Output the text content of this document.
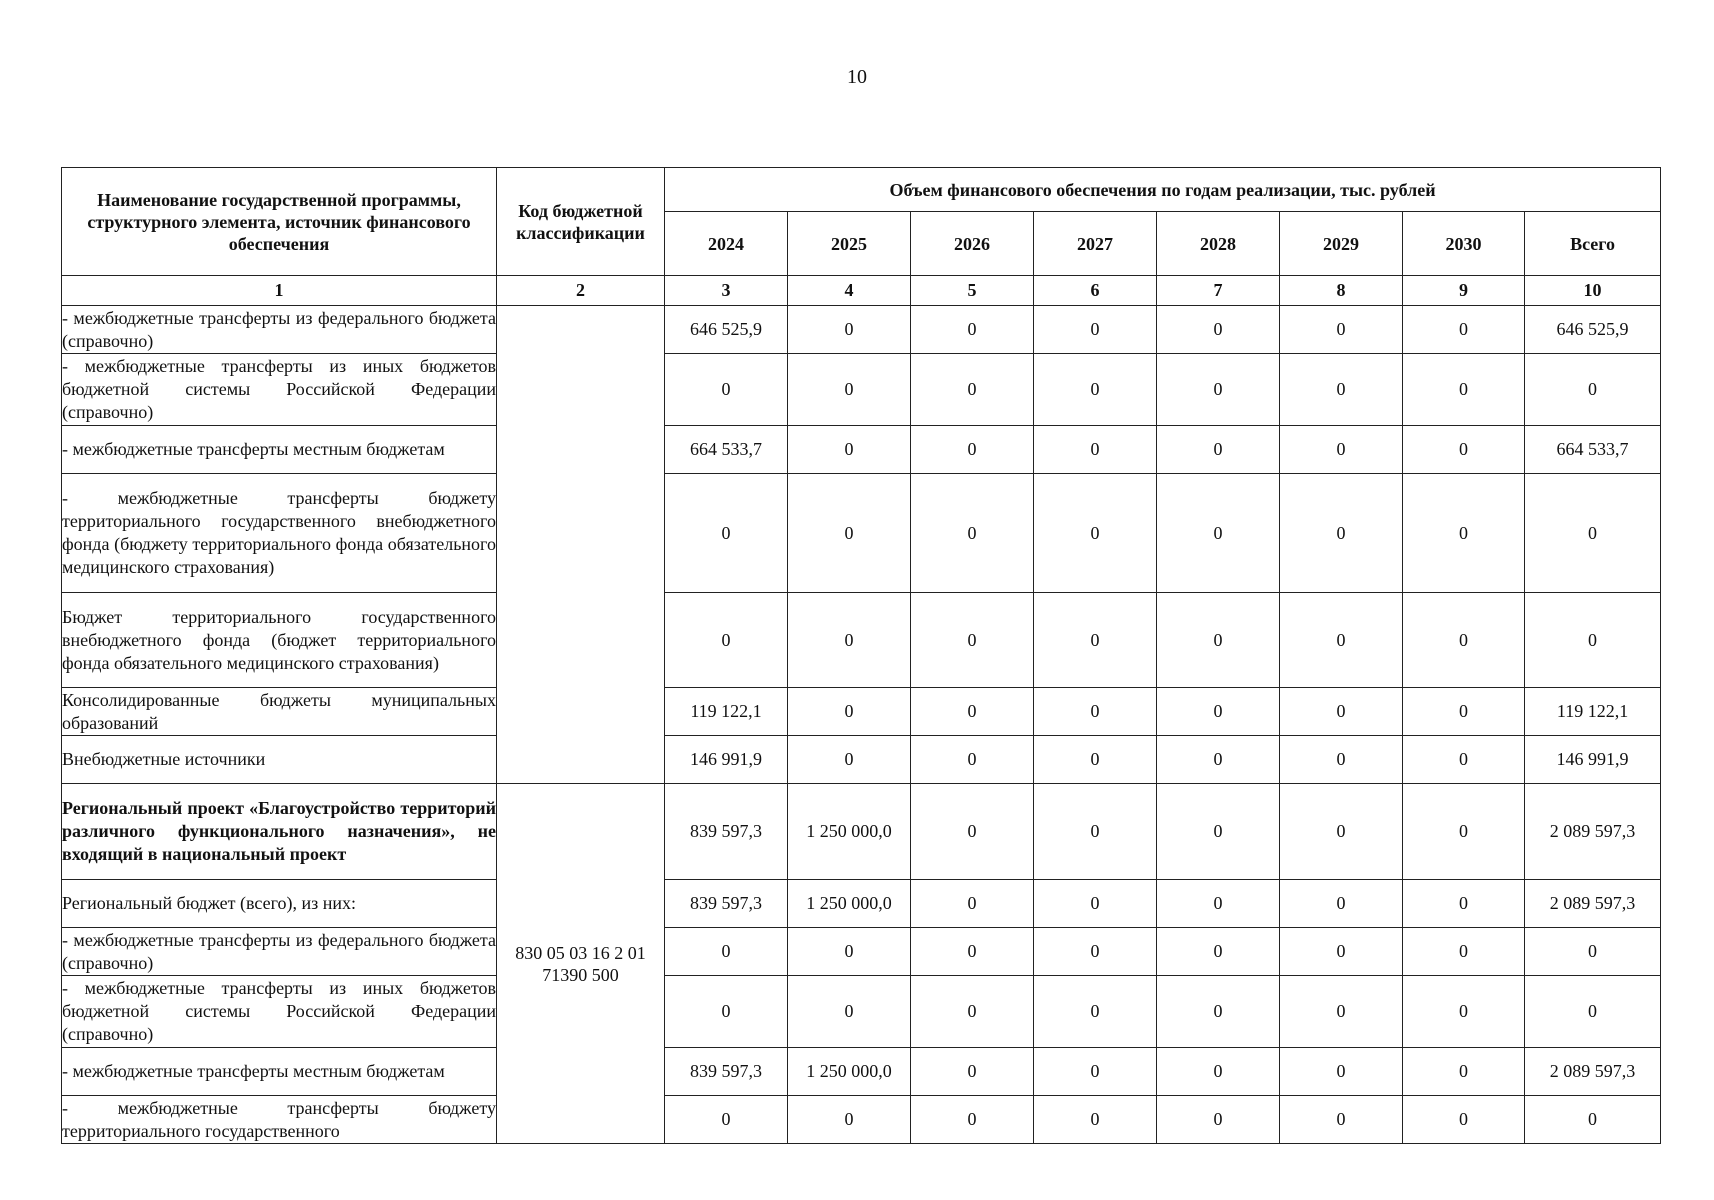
10
Наименование государственной программы, структурного элемента, источник финансового обеспечения	Код бюджетной классификации	Объем финансового обеспечения по годам реализации, тыс. рублей							
		2024	2025	2026	2027	2028	2029	2030	Всего
1	2	3	4	5	6	7	8	9	10
- межбюджетные трансферты из федерального бюджета (справочно)		646 525,9	0	0	0	0	0	0	646 525,9
- межбюджетные трансферты из иных бюджетов бюджетной системы Российской Федерации (справочно)		0	0	0	0	0	0	0	0
- межбюджетные трансферты местным бюджетам		664 533,7	0	0	0	0	0	0	664 533,7
- межбюджетные трансферты бюджету территориального государственного внебюджетного фонда (бюджету территориального фонда обязательного медицинского страхования)		0	0	0	0	0	0	0	0
Бюджет территориального государственного внебюджетного фонда (бюджет территориального фонда обязательного медицинского страхования)		0	0	0	0	0	0	0	0
Консолидированные бюджеты муниципальных образований		119 122,1	0	0	0	0	0	0	119 122,1
Внебюджетные источники		146 991,9	0	0	0	0	0	0	146 991,9
Региональный проект «Благоустройство территорий различного функционального назначения», не входящий в национальный проект	830 05 03 16 2 01 71390 500	839 597,3	1 250 000,0	0	0	0	0	0	2 089 597,3
Региональный бюджет (всего), из них:		839 597,3	1 250 000,0	0	0	0	0	0	2 089 597,3
- межбюджетные трансферты из федерального бюджета (справочно)		0	0	0	0	0	0	0	0
- межбюджетные трансферты из иных бюджетов бюджетной системы Российской Федерации (справочно)		0	0	0	0	0	0	0	0
- межбюджетные трансферты местным бюджетам		839 597,3	1 250 000,0	0	0	0	0	0	2 089 597,3
- межбюджетные трансферты бюджету территориального государственного		0	0	0	0	0	0	0	0
